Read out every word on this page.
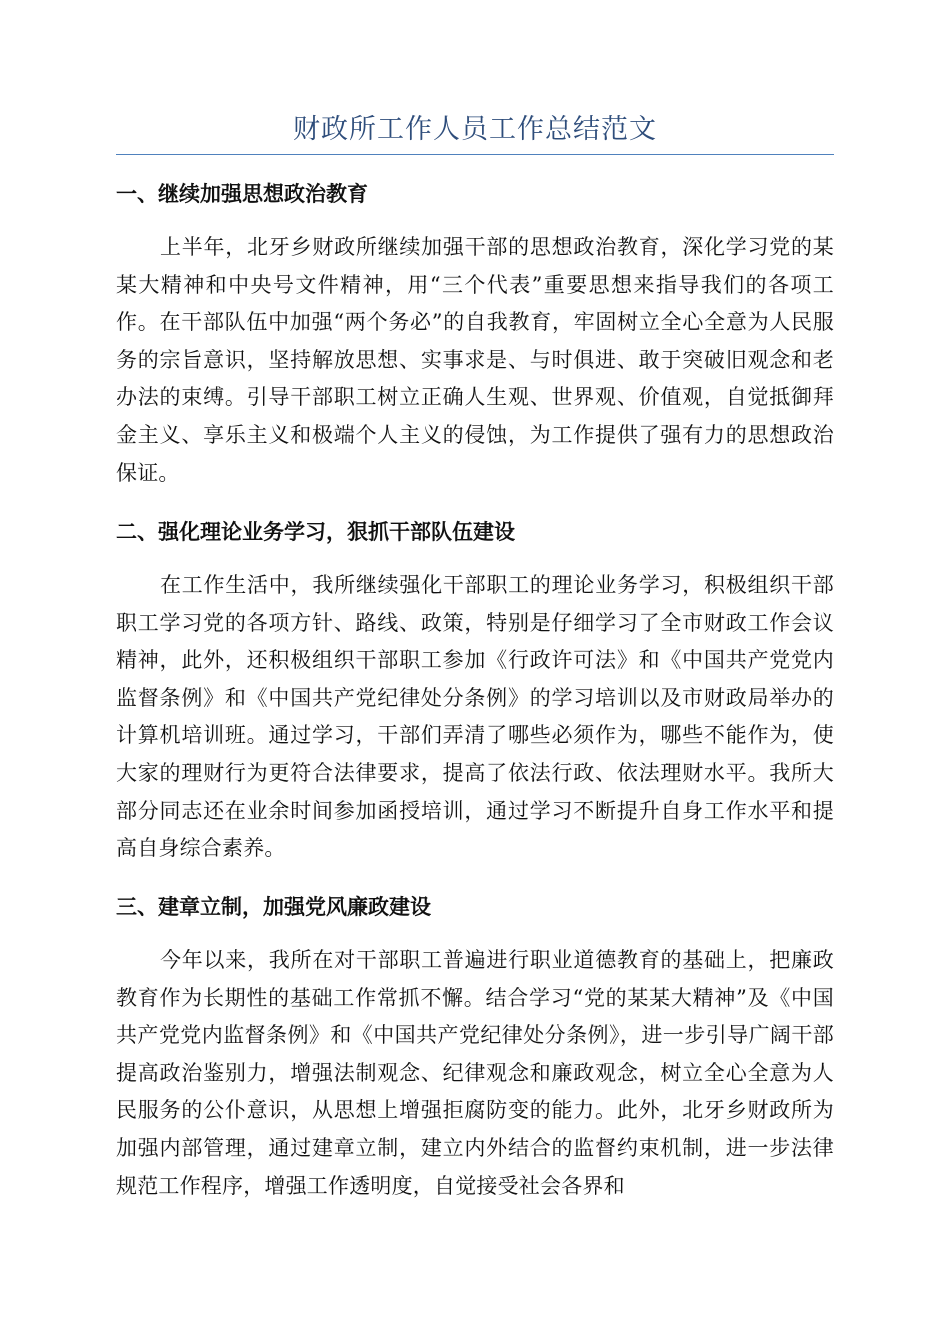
财政所工作人员工作总结范文
一、继续加强思想政治教育

上半年，北牙乡财政所继续加强干部的思想政治教育，深化学习党的某某大精神和中央号文件精神，用“三个代表”重要思想来指导我们的各项工作。在干部队伍中加强“两个务必”的自我教育，牢固树立全心全意为人民服务的宗旨意识，坚持解放思想、实事求是、与时俱进、敢于突破旧观念和老办法的束缚。引导干部职工树立正确人生观、世界观、价值观，自觉抵御拜金主义、享乐主义和极端个人主义的侵蚀，为工作提供了强有力的思想政治保证。

二、强化理论业务学习，狠抓干部队伍建设

在工作生活中，我所继续强化干部职工的理论业务学习，积极组织干部职工学习党的各项方针、路线、政策，特别是仔细学习了全市财政工作会议精神，此外，还积极组织干部职工参加《行政许可法》和《中国共产党党内监督条例》和《中国共产党纪律处分条例》的学习培训以及市财政局举办的计算机培训班。通过学习，干部们弄清了哪些必须作为，哪些不能作为，使大家的理财行为更符合法律要求，提高了依法行政、依法理财水平。我所大部分同志还在业余时间参加函授培训，通过学习不断提升自身工作水平和提高自身综合素养。

三、建章立制，加强党风廉政建设

今年以来，我所在对干部职工普遍进行职业道德教育的基础上，把廉政教育作为长期性的基础工作常抓不懈。结合学习“党的某某大精神”及《中国共产党党内监督条例》和《中国共产党纪律处分条例》，进一步引导广阔干部提高政治鉴别力，增强法制观念、纪律观念和廉政观念，树立全心全意为人民服务的公仆意识，从思想上增强拒腐防变的能力。此外，北牙乡财政所为加强内部管理，通过建章立制，建立内外结合的监督约束机制，进一步法律规范工作程序，增强工作透明度，自觉接受社会各界和
